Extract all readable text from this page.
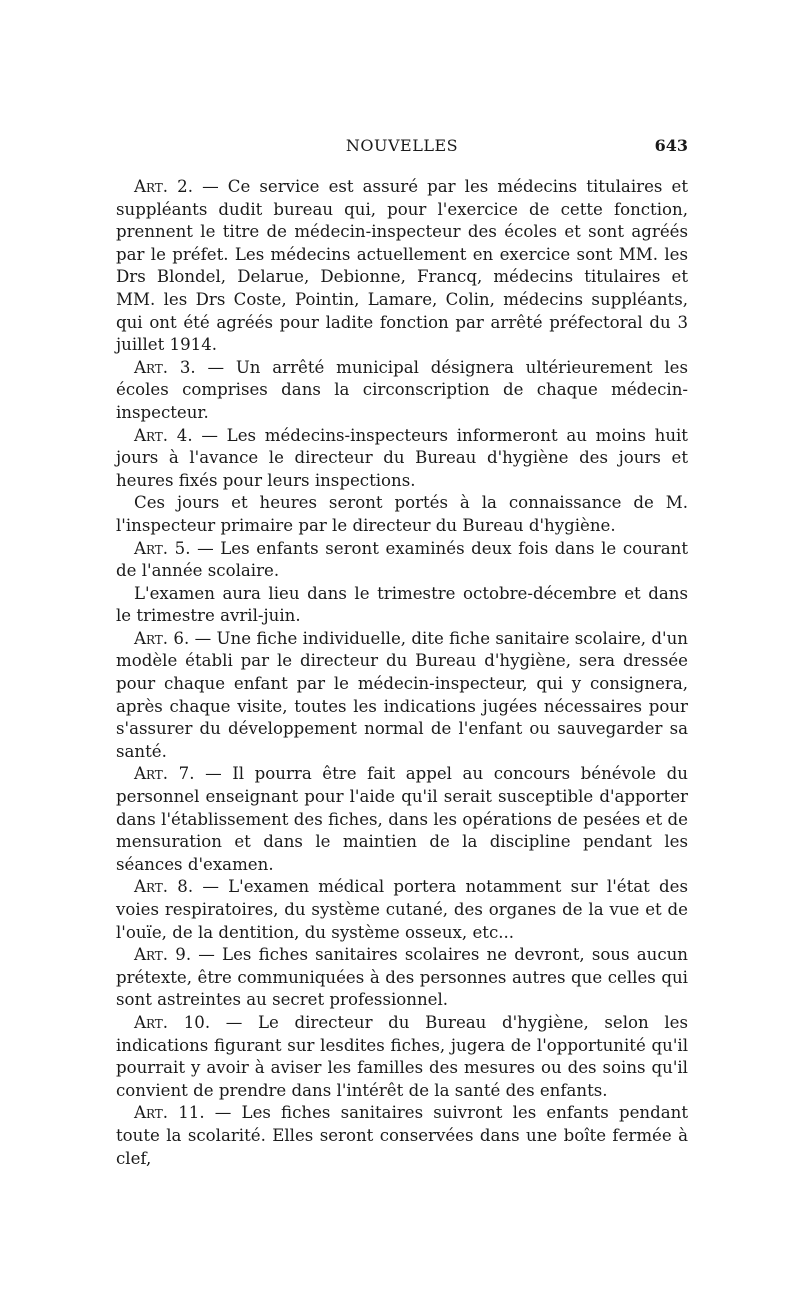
NOUVELLES	643

Art. 2. — Ce service est assuré par les médecins titulaires et suppléants dudit bureau qui, pour l'exercice de cette fonction, prennent le titre de médecin-inspecteur des écoles et sont agréés par le préfet. Les médecins actuellement en exercice sont MM. les Drs Blondel, Delarue, Debionne, Francq, médecins titulaires et MM. les Drs Coste, Pointin, Lamare, Colin, médecins suppléants, qui ont été agréés pour ladite fonction par arrêté préfectoral du 3 juillet 1914.

Art. 3. — Un arrêté municipal désignera ultérieurement les écoles comprises dans la circonscription de chaque médecin-inspecteur.

Art. 4. — Les médecins-inspecteurs informeront au moins huit jours à l'avance le directeur du Bureau d'hygiène des jours et heures fixés pour leurs inspections.

Ces jours et heures seront portés à la connaissance de M. l'inspecteur primaire par le directeur du Bureau d'hygiène.

Art. 5. — Les enfants seront examinés deux fois dans le courant de l'année scolaire.

L'examen aura lieu dans le trimestre octobre-décembre et dans le trimestre avril-juin.

Art. 6. — Une fiche individuelle, dite fiche sanitaire scolaire, d'un modèle établi par le directeur du Bureau d'hygiène, sera dressée pour chaque enfant par le médecin-inspecteur, qui y consignera, après chaque visite, toutes les indications jugées nécessaires pour s'assurer du développement normal de l'enfant ou sauvegarder sa santé.

Art. 7. — Il pourra être fait appel au concours bénévole du personnel enseignant pour l'aide qu'il serait susceptible d'apporter dans l'établissement des fiches, dans les opérations de pesées et de mensuration et dans le maintien de la discipline pendant les séances d'examen.

Art. 8. — L'examen médical portera notamment sur l'état des voies respiratoires, du système cutané, des organes de la vue et de l'ouïe, de la dentition, du système osseux, etc...

Art. 9. — Les fiches sanitaires scolaires ne devront, sous aucun prétexte, être communiquées à des personnes autres que celles qui sont astreintes au secret professionnel.

Art. 10. — Le directeur du Bureau d'hygiène, selon les indications figurant sur lesdites fiches, jugera de l'opportunité qu'il pourrait y avoir à aviser les familles des mesures ou des soins qu'il convient de prendre dans l'intérêt de la santé des enfants.

Art. 11. — Les fiches sanitaires suivront les enfants pendant toute la scolarité. Elles seront conservées dans une boîte fermée à clef,
